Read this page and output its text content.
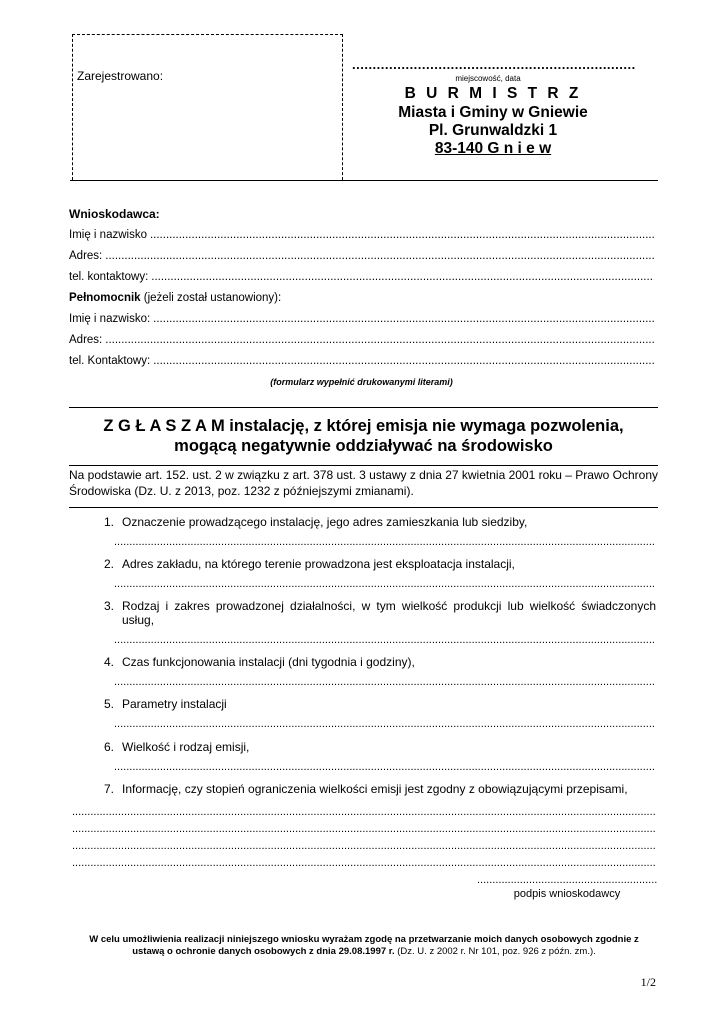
Zarejestrowano:
.....	miejscowość, data
B U R M I S T R Z
Miasta i Gminy w Gniewie
Pl. Grunwaldzki 1
83-140 G n i e w
Wnioskodawca:
Imię i nazwisko
.....
Adres:
.....
tel. kontaktowy:
.....
Pełnomocnik (jeżeli został ustanowiony):
Imię i nazwisko:
.....
Adres:
.....
tel. Kontaktowy:
.....
(formularz wypełnić drukowanymi literami)
Z G Ł A S Z A M instalację, z której emisja nie wymaga pozwolenia,
mogącą negatywnie oddziaływać na środowisko
Na podstawie art. 152. ust. 2 w związku z art. 378 ust. 3 ustawy z dnia 27 kwietnia 2001 roku – Prawo Ochrony Środowiska (Dz. U. z 2013, poz. 1232 z późniejszymi zmianami).
1. Oznaczenie prowadzącego instalację, jego adres zamieszkania lub siedziby,
.....
2. Adres zakładu, na którego terenie prowadzona jest eksploatacja instalacji,
.....
3. Rodzaj i zakres prowadzonej działalności, w tym wielkość produkcji lub wielkość świadczonych usług,
.....
4. Czas funkcjonowania instalacji (dni tygodnia i godziny),
.....
5. Parametry instalacji
.....
6. Wielkość i rodzaj emisji,
.....
7. Informację, czy stopień ograniczenia wielkości emisji jest zgodny z obowiązującymi przepisami,
.....
.....
.....
.....
.....
podpis wnioskodawcy
W celu umożliwienia realizacji niniejszego wniosku wyrażam zgodę na przetwarzanie moich danych osobowych zgodnie z ustawą o ochronie danych osobowych z dnia 29.08.1997 r. (Dz. U. z 2002 r. Nr 101, poz. 926 z późn. zm.).
1/2
